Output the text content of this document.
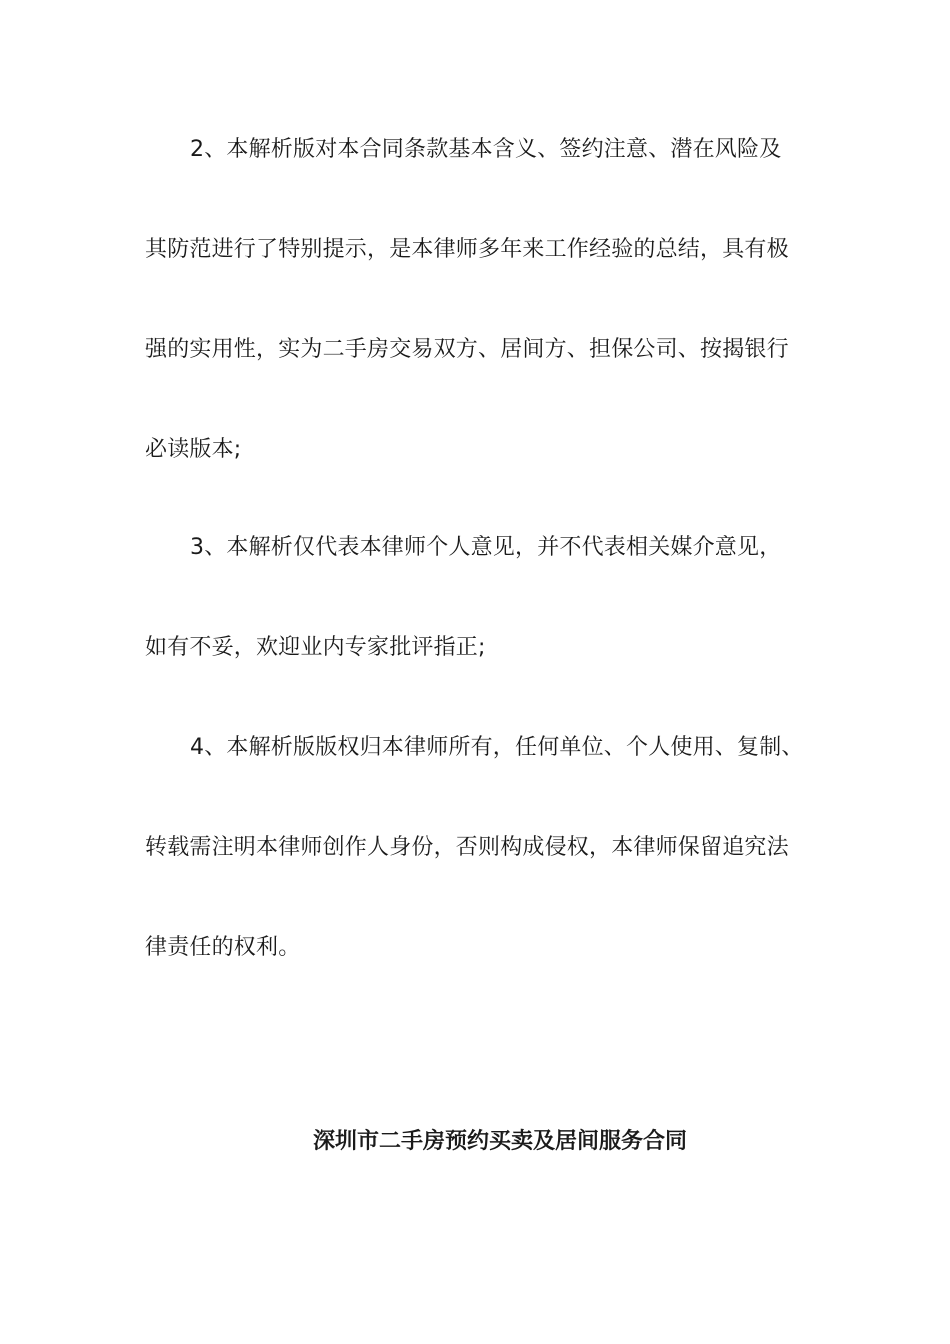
2、本解析版对本合同条款基本含义、签约注意、潜在风险及
其防范进行了特别提示，是本律师多年来工作经验的总结，具有极
强的实用性，实为二手房交易双方、居间方、担保公司、按揭银行
必读版本;
3、本解析仅代表本律师个人意见，并不代表相关媒介意见，
如有不妥，欢迎业内专家批评指正;
4、本解析版版权归本律师所有，任何单位、个人使用、复制、
转载需注明本律师创作人身份，否则构成侵权，本律师保留追究法
律责任的权利。
深圳市二手房预约买卖及居间服务合同
